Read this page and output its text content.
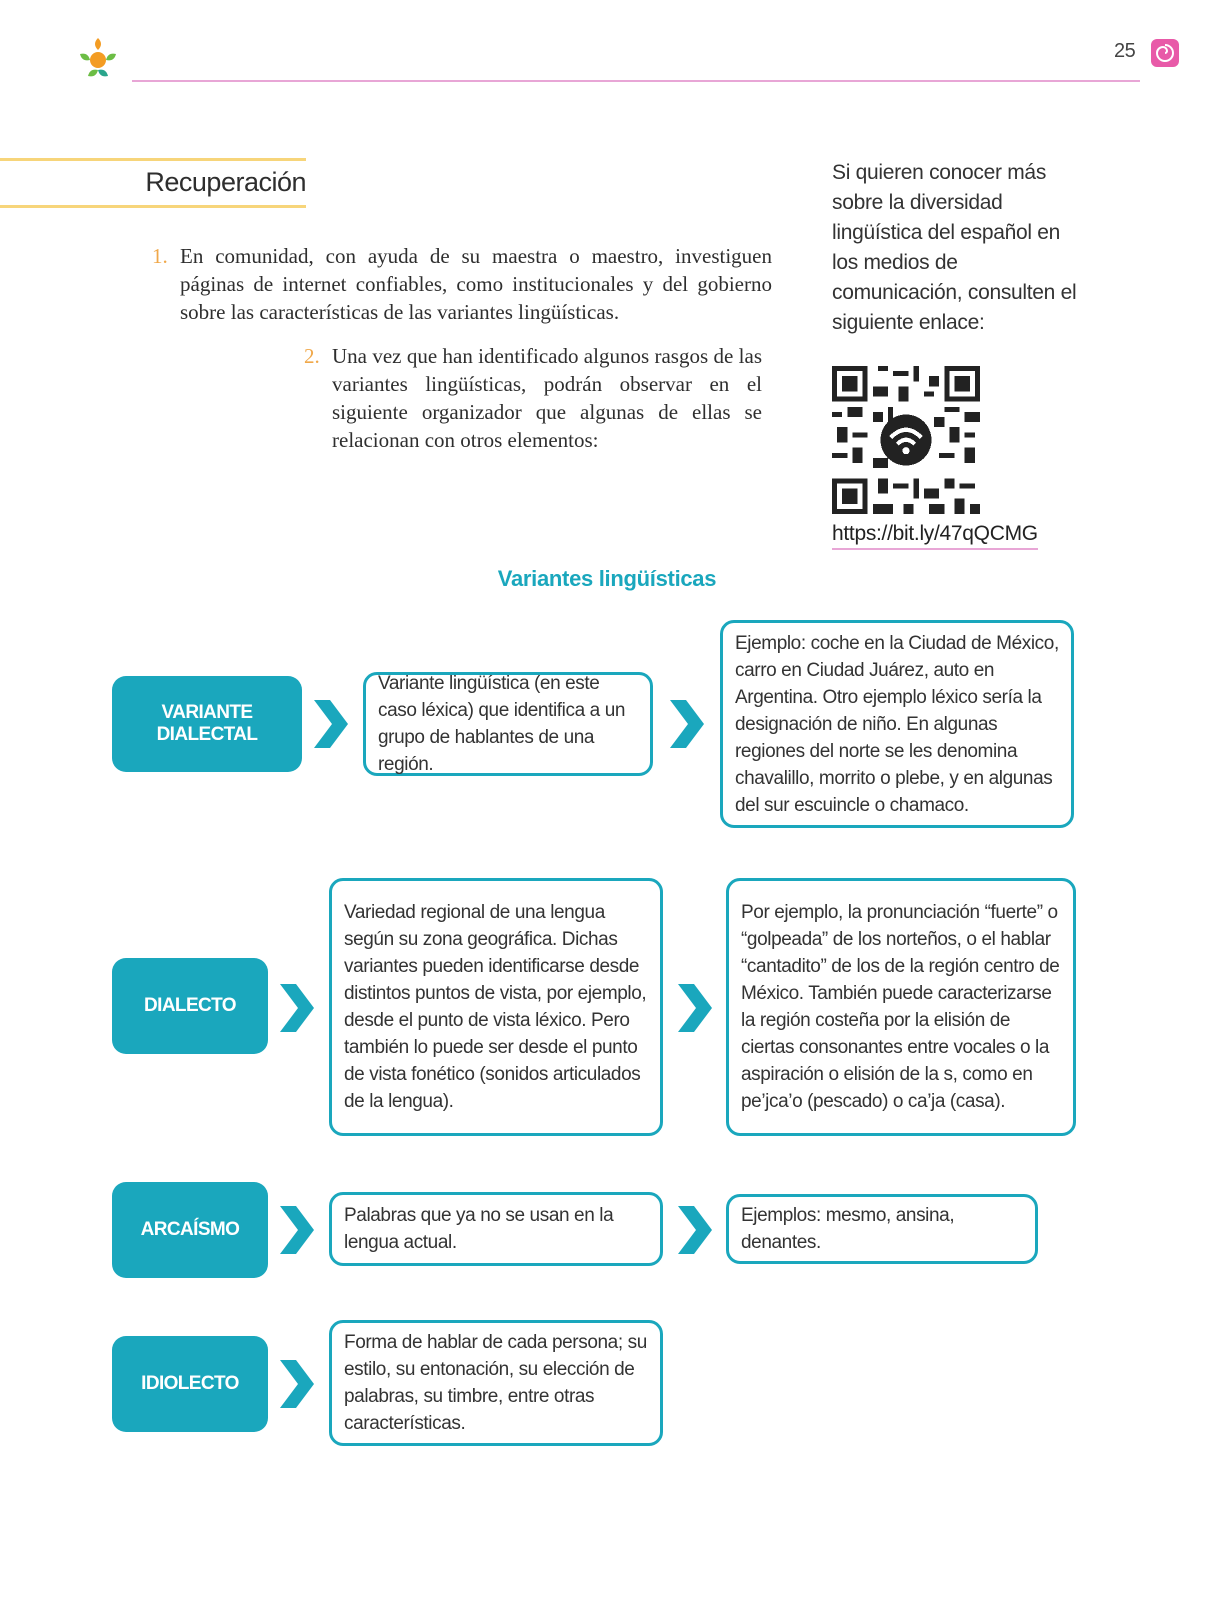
25
Recuperación
1. En comunidad, con ayuda de su maestra o maestro, investiguen páginas de internet confiables, como institucionales y del gobierno sobre las características de las variantes lingüísticas.
2. Una vez que han identificado algunos rasgos de las variantes lingüísticas, podrán observar en el siguiente organizador que algunas de ellas se relacionan con otros elementos:
Si quieren conocer más sobre la diversidad lingüística del español en los medios de comunicación, consulten el siguiente enlace:
https://bit.ly/47qQCMG
Variantes lingüísticas
VARIANTE DIALECTAL
Variante lingüística (en este caso léxica) que identifica a un grupo de hablantes de una región.
Ejemplo: coche en la Ciudad de México, carro en Ciudad Juárez, auto en Argentina. Otro ejemplo léxico sería la designación de niño. En algunas regiones del norte se les denomina chavalillo, morrito o plebe, y en algunas del sur escuincle o chamaco.
DIALECTO
Variedad regional de una lengua según su zona geográfica. Dichas variantes pueden identificarse desde distintos puntos de vista, por ejemplo, desde el punto de vista léxico. Pero también lo puede ser desde el punto de vista fonético (sonidos articulados de la lengua).
Por ejemplo, la pronunciación “fuerte” o “golpeada” de los norteños, o el hablar “cantadito” de los de la región centro de México. También puede caracterizarse la región costeña por la elisión de ciertas consonantes entre vocales o la aspiración o elisión de la s, como en pe’jca’o (pescado) o ca’ja (casa).
ARCAÍSMO
Palabras que ya no se usan en la lengua actual.
Ejemplos: mesmo, ansina, denantes.
IDIOLECTO
Forma de hablar de cada persona; su estilo, su entonación, su elección de palabras, su timbre, entre otras características.
